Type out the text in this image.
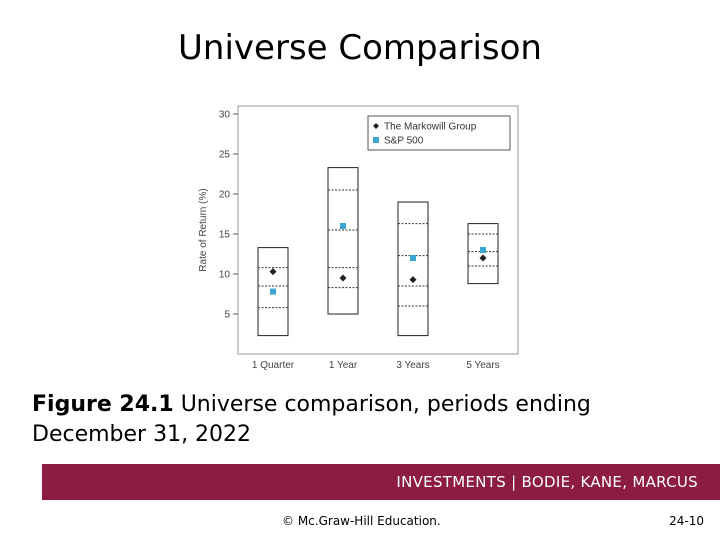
Universe Comparison
5
10
15
20
25
30
Rate of Return (%)
1 Quarter	1 Year	3 Years	5 Years
The Markowill Group
S&P 500
Figure 24.1 Universe comparison, periods ending December 31, 2022
INVESTMENTS | BODIE, KANE, MARCUS
© Mc.Graw-Hill Education.	24-10
